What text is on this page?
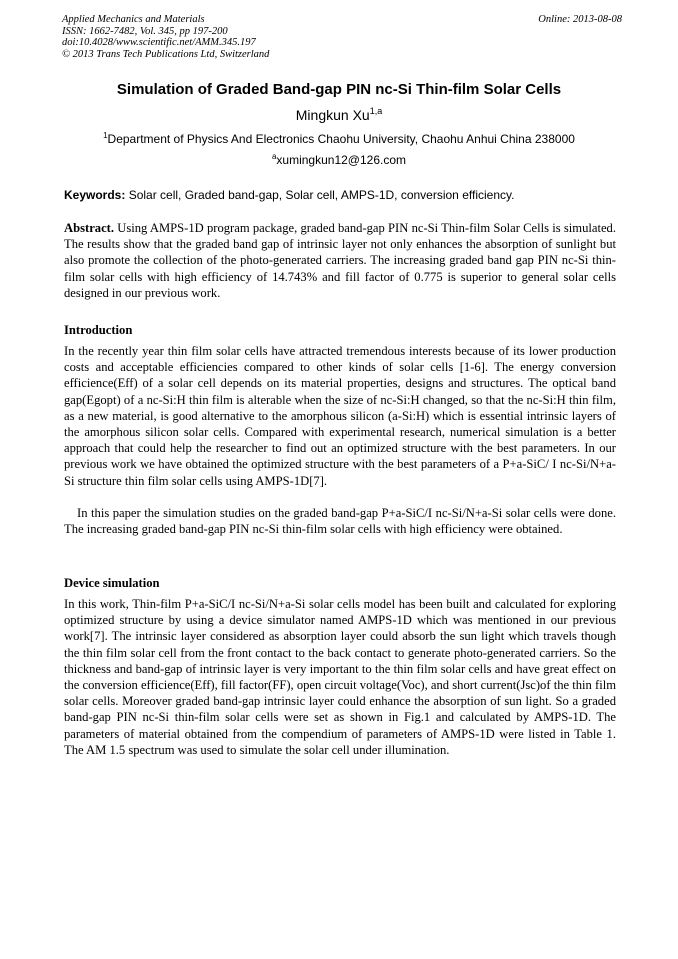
Applied Mechanics and Materials
ISSN: 1662-7482, Vol. 345, pp 197-200
doi:10.4028/www.scientific.net/AMM.345.197
© 2013 Trans Tech Publications Ltd, Switzerland
Online: 2013-08-08
Simulation of Graded Band-gap PIN nc-Si Thin-film Solar Cells
Mingkun Xu$^{1,a}$
$^1$Department of Physics And Electronics Chaohu University, Chaohu Anhui China 238000
$^a$xumingkun12@126.com
Keywords: Solar cell, Graded band-gap, Solar cell, AMPS-1D, conversion efficiency.

Abstract. Using AMPS-1D program package, graded band-gap PIN nc-Si Thin-film Solar Cells is simulated. The results show that the graded band gap of intrinsic layer not only enhances the absorption of sunlight but also promote the collection of the photo-generated carriers. The increasing graded band gap PIN nc-Si thin-film solar cells with high efficiency of 14.743% and fill factor of 0.775 is superior to general solar cells designed in our previous work.

Introduction

In the recently year thin film solar cells have attracted tremendous interests because of its lower production costs and acceptable efficiencies compared to other kinds of solar cells [1-6]. The energy conversion efficience(Eff) of a solar cell depends on its material properties, designs and structures. The optical band gap(Egopt) of a nc-Si:H thin film is alterable when the size of nc-Si:H changed, so that the nc-Si:H thin film, as a new material, is good alternative to the amorphous silicon (a-Si:H) which is essential intrinsic layers of the amorphous silicon solar cells. Compared with experimental research, numerical simulation is a better approach that could help the researcher to find out an optimized structure with the best parameters. In our previous work we have obtained the optimized structure with the best parameters of a P+a-SiC/ I nc-Si/N+a-Si structure thin film solar cells using AMPS-1D[7].

In this paper the simulation studies on the graded band-gap P+a-SiC/I nc-Si/N+a-Si solar cells were done. The increasing graded band-gap PIN nc-Si thin-film solar cells with high efficiency were obtained.

Device simulation

In this work, Thin-film P+a-SiC/I nc-Si/N+a-Si solar cells model has been built and calculated for exploring optimized structure by using a device simulator named AMPS-1D which was mentioned in our previous work[7]. The intrinsic layer considered as absorption layer could absorb the sun light which travels though the thin film solar cell from the front contact to the back contact to generate photo-generated carriers. So the thickness and band-gap of intrinsic layer is very important to the thin film solar cells and have great effect on the conversion efficience(Eff), fill factor(FF), open circuit voltage(Voc), and short current(Jsc)of the thin film solar cells. Moreover graded band-gap intrinsic layer could enhance the absorption of sun light. So a graded band-gap PIN nc-Si thin-film solar cells were set as shown in Fig.1 and calculated by AMPS-1D. The parameters of material obtained from the compendium of parameters of AMPS-1D were listed in Table 1. The AM 1.5 spectrum was used to simulate the solar cell under illumination.
